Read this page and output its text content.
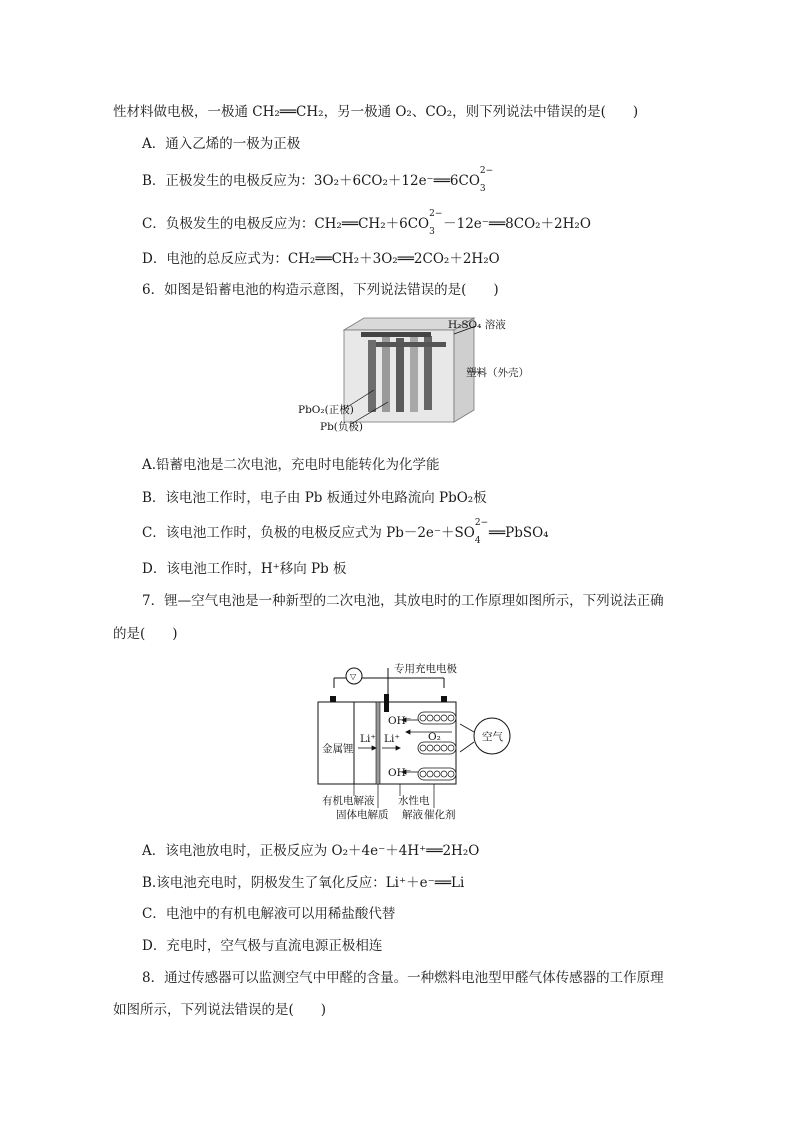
性材料做电极，一极通 CH₂══CH₂，另一极通 O₂、CO₂，则下列说法中错误的是(　　)
A．通入乙烯的一极为正极
B．正极发生的电极反应为：3O₂＋6CO₂＋12e⁻══6CO
2−
3
C．负极发生的电极反应为：CH₂══CH₂＋6CO
2−
3 －12e⁻══8CO₂＋2H₂O
D．电池的总反应式为：CH₂══CH₂＋3O₂══2CO₂＋2H₂O
6．如图是铅蓄电池的构造示意图，下列说法错误的是(　　)
H₂SO₄ 溶液
塑料（外壳）
PbO₂(正极)
Pb(负极)
A.铅蓄电池是二次电池，充电时电能转化为化学能
B．该电池工作时，电子由 Pb 板通过外电路流向 PbO₂板
C．该电池工作时，负极的电极反应式为 Pb－2e⁻＋SO
2−
4 ══PbSO₄
D．该电池工作时，H⁺移向 Pb 板
7．锂—空气电池是一种新型的二次电池，其放电时的工作原理如图所示，下列说法正确
的是(　　)
▽
专用充电电极
金属锂
Li⁺ Li⁺
OH⁻
O₂
OH⁻
空气
有机电解液
固体电解质
水性电
解液 催化剂
A．该电池放电时，正极反应为 O₂＋4e⁻＋4H⁺══2H₂O
B.该电池充电时，阴极发生了氧化反应：Li⁺＋e⁻══Li
C．电池中的有机电解液可以用稀盐酸代替
D．充电时，空气极与直流电源正极相连
8．通过传感器可以监测空气中甲醛的含量。一种燃料电池型甲醛气体传感器的工作原理
如图所示，下列说法错误的是(　　)
